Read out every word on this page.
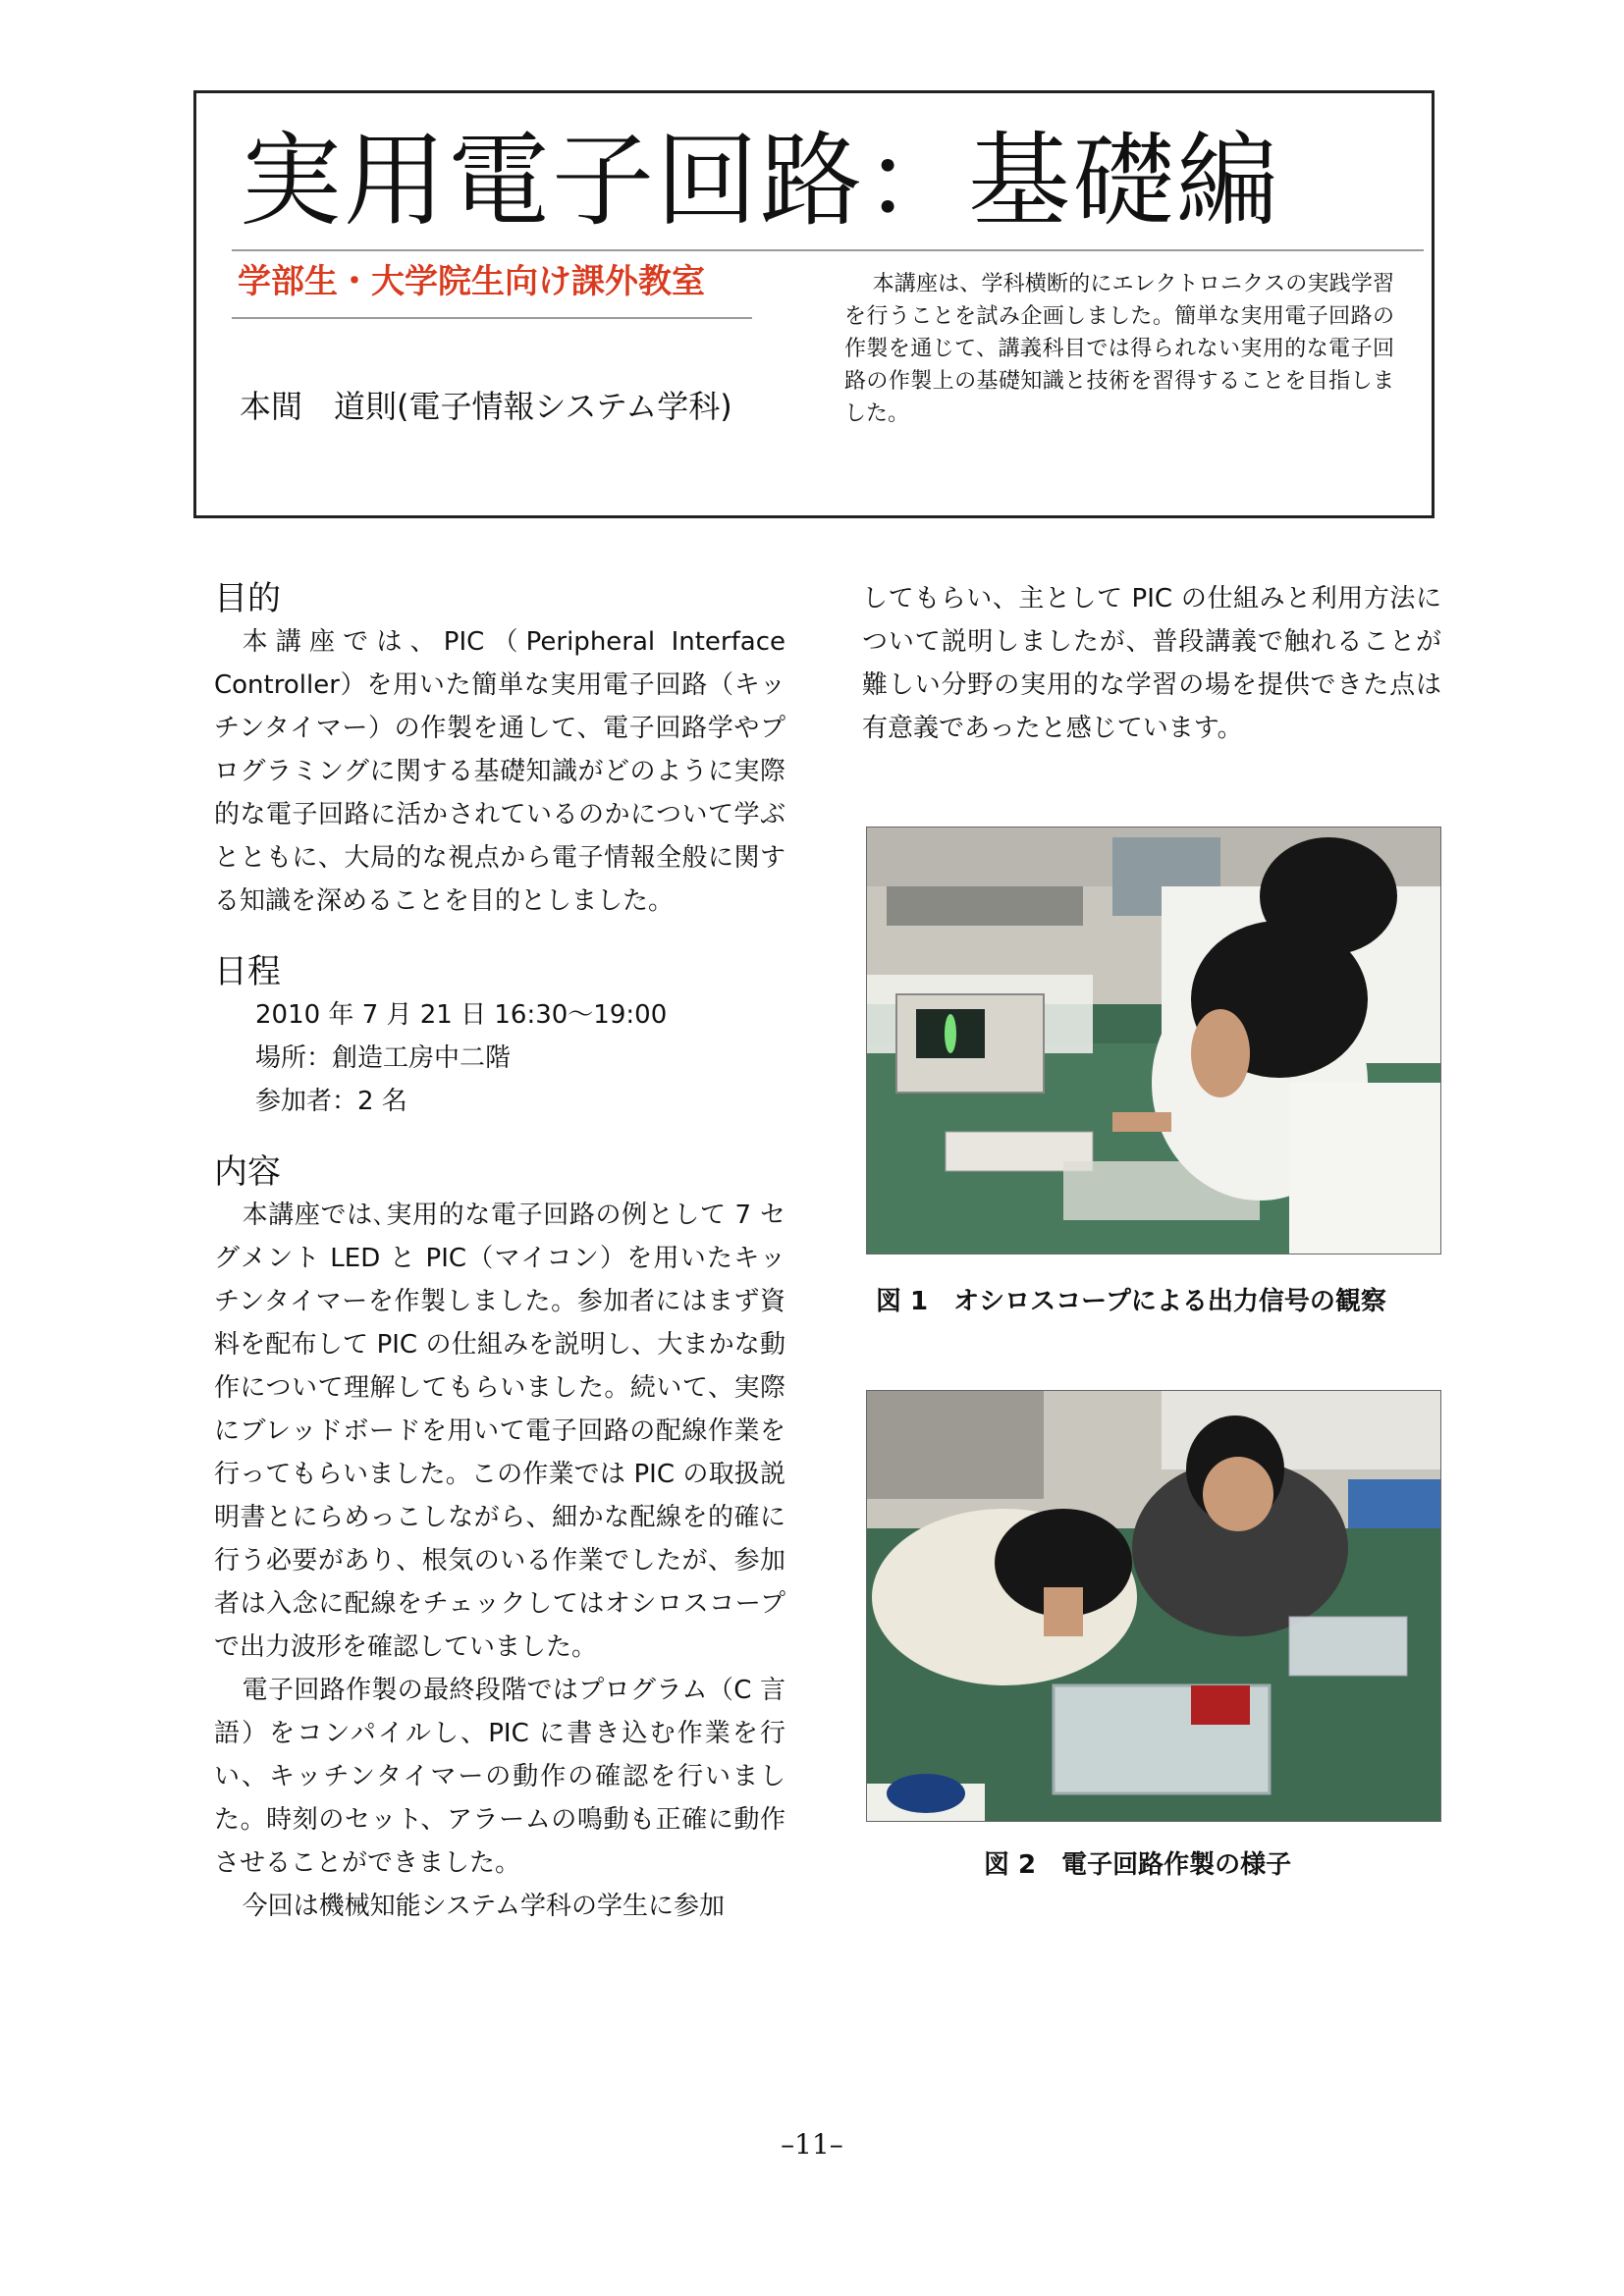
実用電子回路：基礎編

学部生・大学院生向け課外教室

本間　道則(電子情報システム学科)

本講座は、学科横断的にエレクトロニクスの実践学習を行うことを試み企画しました。簡単な実用電子回路の作製を通じて、講義科目では得られない実用的な電子回路の作製上の基礎知識と技術を習得することを目指しました。

目的

本講座では、PIC（Peripheral Interface Controller）を用いた簡単な実用電子回路（キッチンタイマー）の作製を通して、電子回路学やプログラミングに関する基礎知識がどのように実際的な電子回路に活かされているのかについて学ぶとともに、大局的な視点から電子情報全般に関する知識を深めることを目的としました。

日程

2010 年 7 月 21 日 16:30～19:00

場所：創造工房中二階

参加者：2 名

内容

本講座では､実用的な電子回路の例として 7 セグメント LED と PIC（マイコン）を用いたキッチンタイマーを作製しました。参加者にはまず資料を配布して PIC の仕組みを説明し、大まかな動作について理解してもらいました。続いて、実際にブレッドボードを用いて電子回路の配線作業を行ってもらいました。この作業では PIC の取扱説明書とにらめっこしながら、細かな配線を的確に行う必要があり、根気のいる作業でしたが、参加者は入念に配線をチェックしてはオシロスコープで出力波形を確認していました。

電子回路作製の最終段階ではプログラム（C 言語）をコンパイルし、PIC に書き込む作業を行い、キッチンタイマーの動作の確認を行いました。時刻のセット、アラームの鳴動も正確に動作させることができました。

今回は機械知能システム学科の学生に参加

してもらい、主として PIC の仕組みと利用方法について説明しましたが、普段講義で触れることが難しい分野の実用的な学習の場を提供できた点は有意義であったと感じています。

図 1　オシロスコープによる出力信号の観察

図 2　電子回路作製の様子

–11–
